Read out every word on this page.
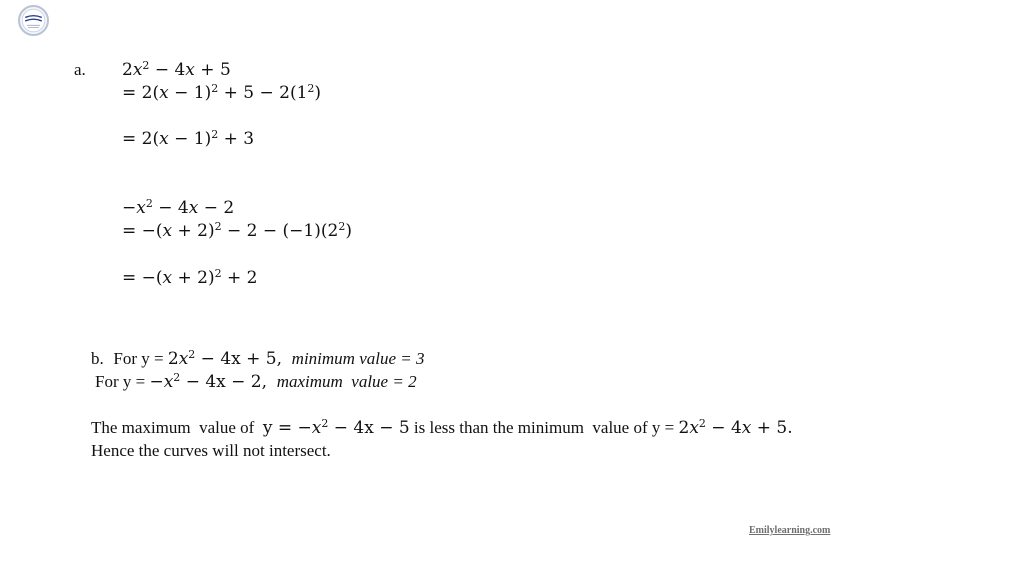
a. $2x^2 - 4x + 5$
= $2(x - 1)^2 + 5 - 2(1^2)$
= $2(x - 1)^2 + 3$
$-x^2 - 4x - 2$
= $-(x + 2)^2 - 2 - (-1)(2^2)$
= $-(x + 2)^2 + 2$
b.  For $y = 2x^2 - 4x + 5$,  minimum value = 3
For $y = -x^2 - 4x - 2$,  maximum  value = 2
The maximum  value of  $y = -x^2 - 4x - 5$ is less than the minimum  value of $y = 2x^2 - 4x + 5$.
Hence the curves will not intersect.
Emilylearning.com
